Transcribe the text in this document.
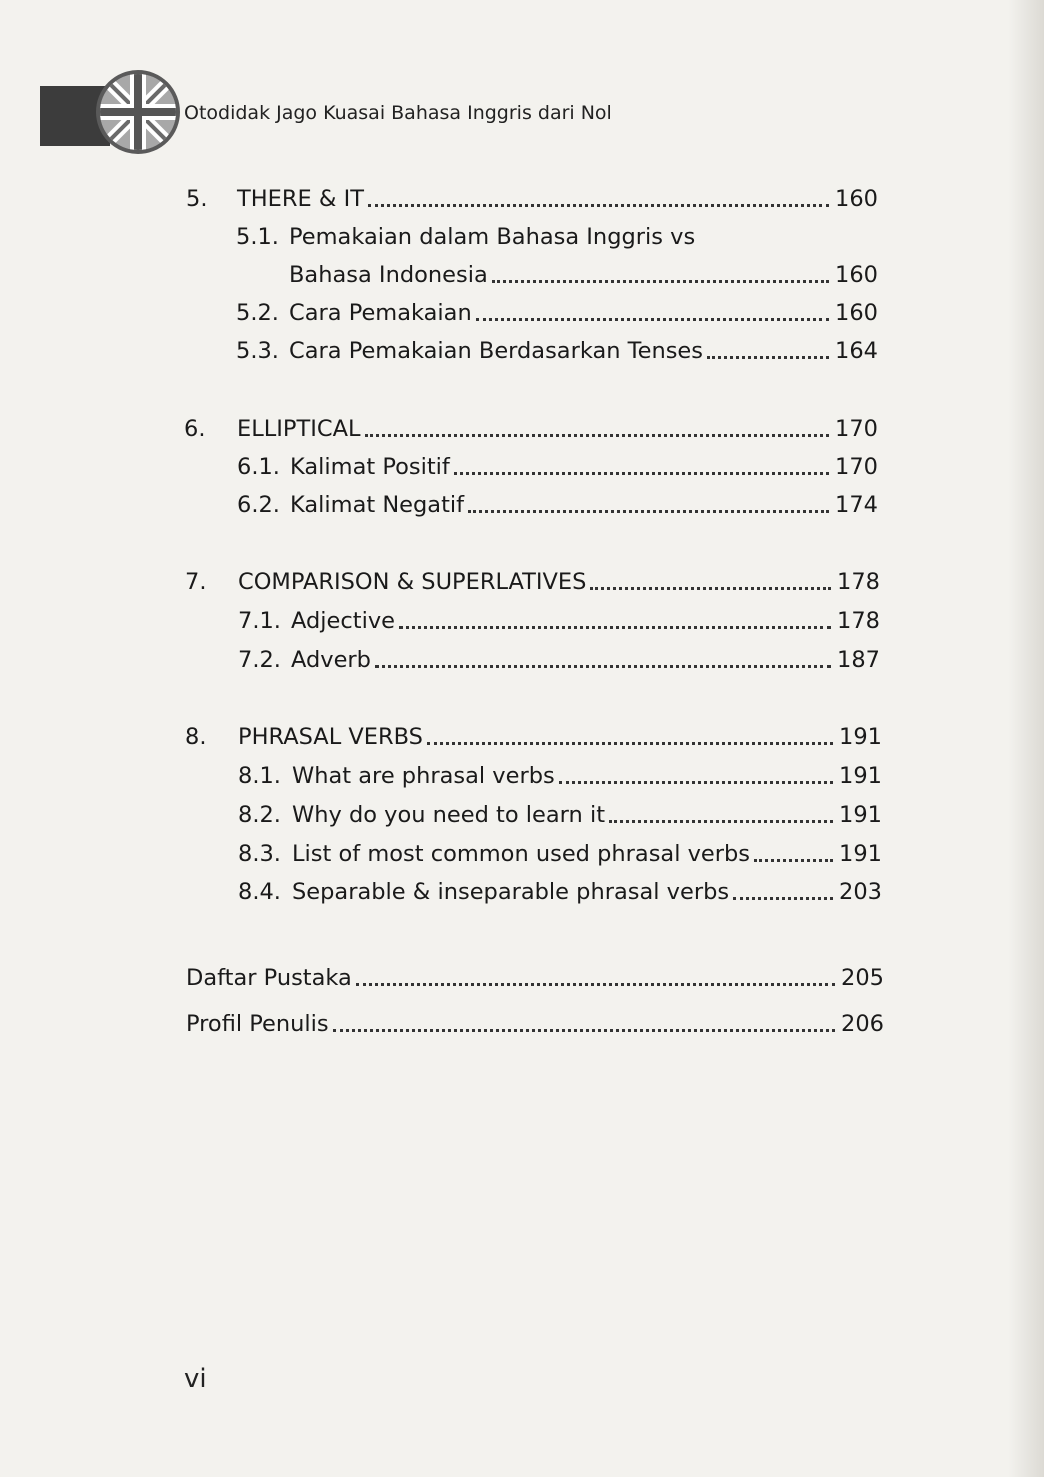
Otodidak Jago Kuasai Bahasa Inggris dari Nol
5.	THERE & IT	160
5.1. Pemakaian dalam Bahasa Inggris vs
Bahasa Indonesia	160
5.2. Cara Pemakaian	160
5.3. Cara Pemakaian Berdasarkan Tenses	164
6.	ELLIPTICAL	170
6.1. Kalimat Positif	170
6.2. Kalimat Negatif	174
7.	COMPARISON & SUPERLATIVES	178
7.1. Adjective	178
7.2. Adverb	187
8.	PHRASAL VERBS	191
8.1. What are phrasal verbs	191
8.2. Why do you need to learn it	191
8.3. List of most common used phrasal verbs	191
8.4. Separable & inseparable phrasal verbs	203
Daftar Pustaka	205
Profil Penulis	206
vi
